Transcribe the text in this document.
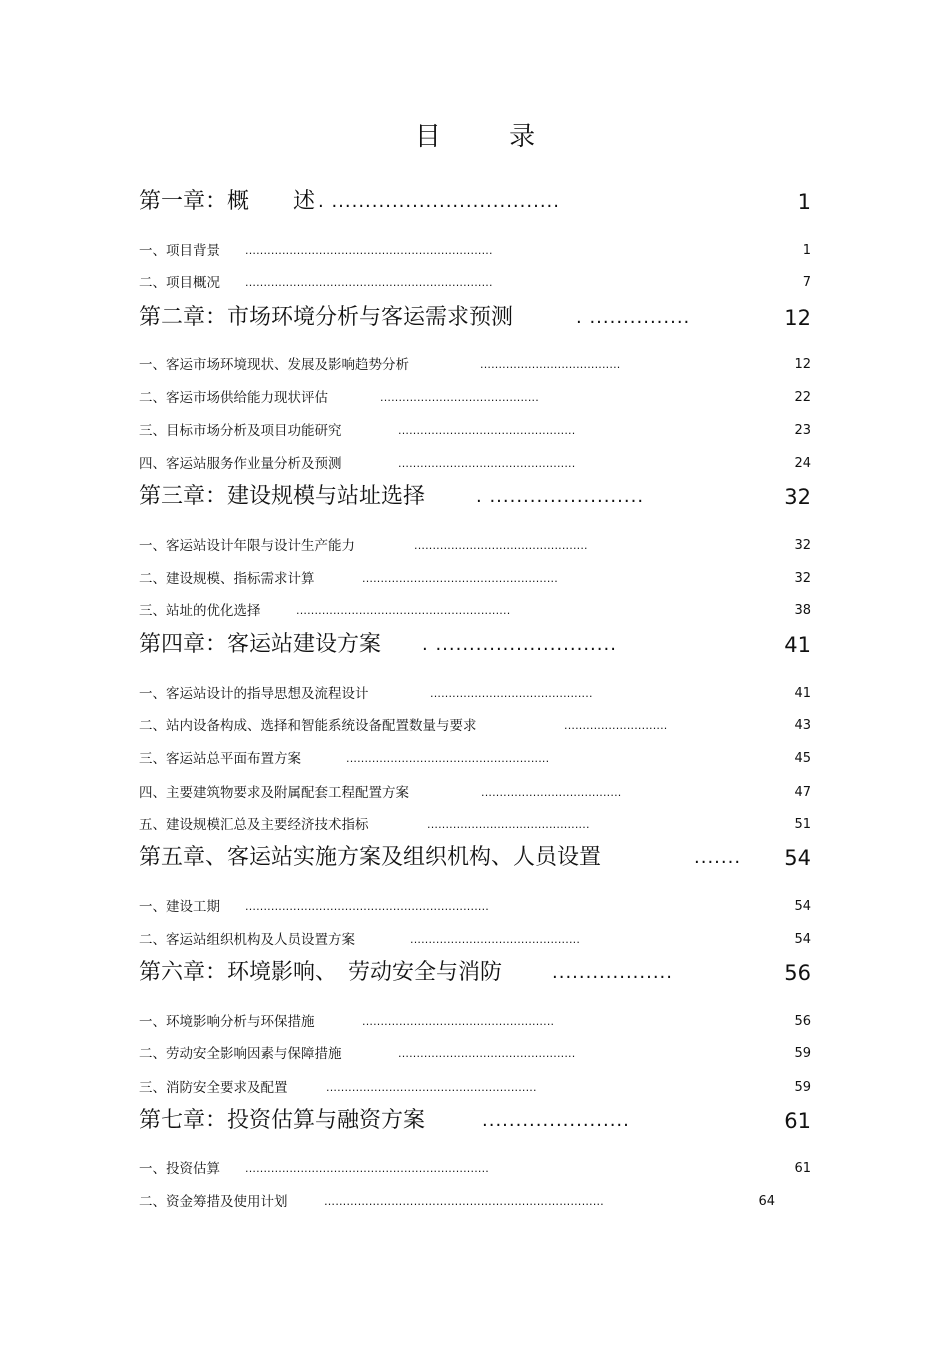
目 录
第一章：概　　述 . ..................................	1
一、项目背景 ...................................................................	1
二、项目概况 ...................................................................	7
第二章：市场环境分析与客运需求预测	. ...............	12
一、客运市场环境现状、发展及影响趋势分析	......................................	12
二、客运市场供给能力现状评估	...........................................	22
三、目标市场分析及项目功能研究	................................................	23
四、客运站服务作业量分析及预测	................................................	24
第三章：建设规模与站址选择	. .......................	32
一、客运站设计年限与设计生产能力	...............................................	32
二、建设规模、指标需求计算	.....................................................	32
三、站址的优化选择	..........................................................	38
第四章：客运站建设方案 . ...........................	41
一、客运站设计的指导思想及流程设计	............................................	41
二、站内设备构成、选择和智能系统设备配置数量与要求	............................	43
三、客运站总平面布置方案	.......................................................	45
四、主要建筑物要求及附属配套工程配置方案	......................................	47
五、建设规模汇总及主要经济技术指标	............................................	51
第五章、客运站实施方案及组织机构、人员设置	....... 54
一、建设工期 ..................................................................	54
二、客运站组织机构及人员设置方案	..............................................	54
第六章：环境影响、　劳动安全与消防	..................	56
一、环境影响分析与环保措施	....................................................	56
二、劳动安全影响因素与保障措施	................................................	59
三、消防安全要求及配置	.........................................................	59
第七章：投资估算与融资方案	......................	61
一、投资估算 ..................................................................	61
二、资金筹措及使用计划	…………………………………………………………………	64
